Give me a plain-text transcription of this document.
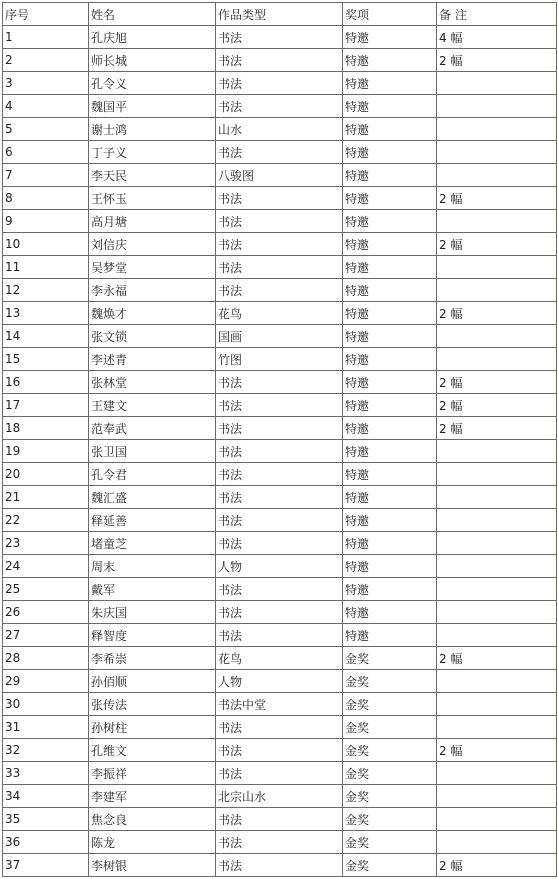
序号	姓名	作品类型	奖项	备 注
1	孔庆旭	书法	特邀	4 幅
2	师长城	书法	特邀	2 幅
3	孔令义	书法	特邀	
4	魏国平	书法	特邀	
5	谢士鸿	山水	特邀	
6	丁子义	书法	特邀	
7	李天民	八骏图	特邀	
8	王怀玉	书法	特邀	2 幅
9	高月塘	书法	特邀	
10	刘信庆	书法	特邀	2 幅
11	吴梦堂	书法	特邀	
12	李永福	书法	特邀	
13	魏焕才	花鸟	特邀	2 幅
14	张文锁	国画	特邀	
15	李述青	竹图	特邀	
16	张林堂	书法	特邀	2 幅
17	王建文	书法	特邀	2 幅
18	范奉武	书法	特邀	2 幅
19	张卫国	书法	特邀	
20	孔令君	书法	特邀	
21	魏汇盛	书法	特邀	
22	释延善	书法	特邀	
23	堵童芝	书法	特邀	
24	周末	人物	特邀	
25	戴军	书法	特邀	
26	朱庆国	书法	特邀	
27	释智度	书法	特邀	
28	李希崇	花鸟	金奖	2 幅
29	孙佰顺	人物	金奖	
30	张传法	书法中堂	金奖	
31	孙树柱	书法	金奖	
32	孔维文	书法	金奖	2 幅
33	李振祥	书法	金奖	
34	李建军	北宗山水	金奖	
35	焦念良	书法	金奖	
36	陈龙	书法	金奖	
37	李树银	书法	金奖	2 幅
